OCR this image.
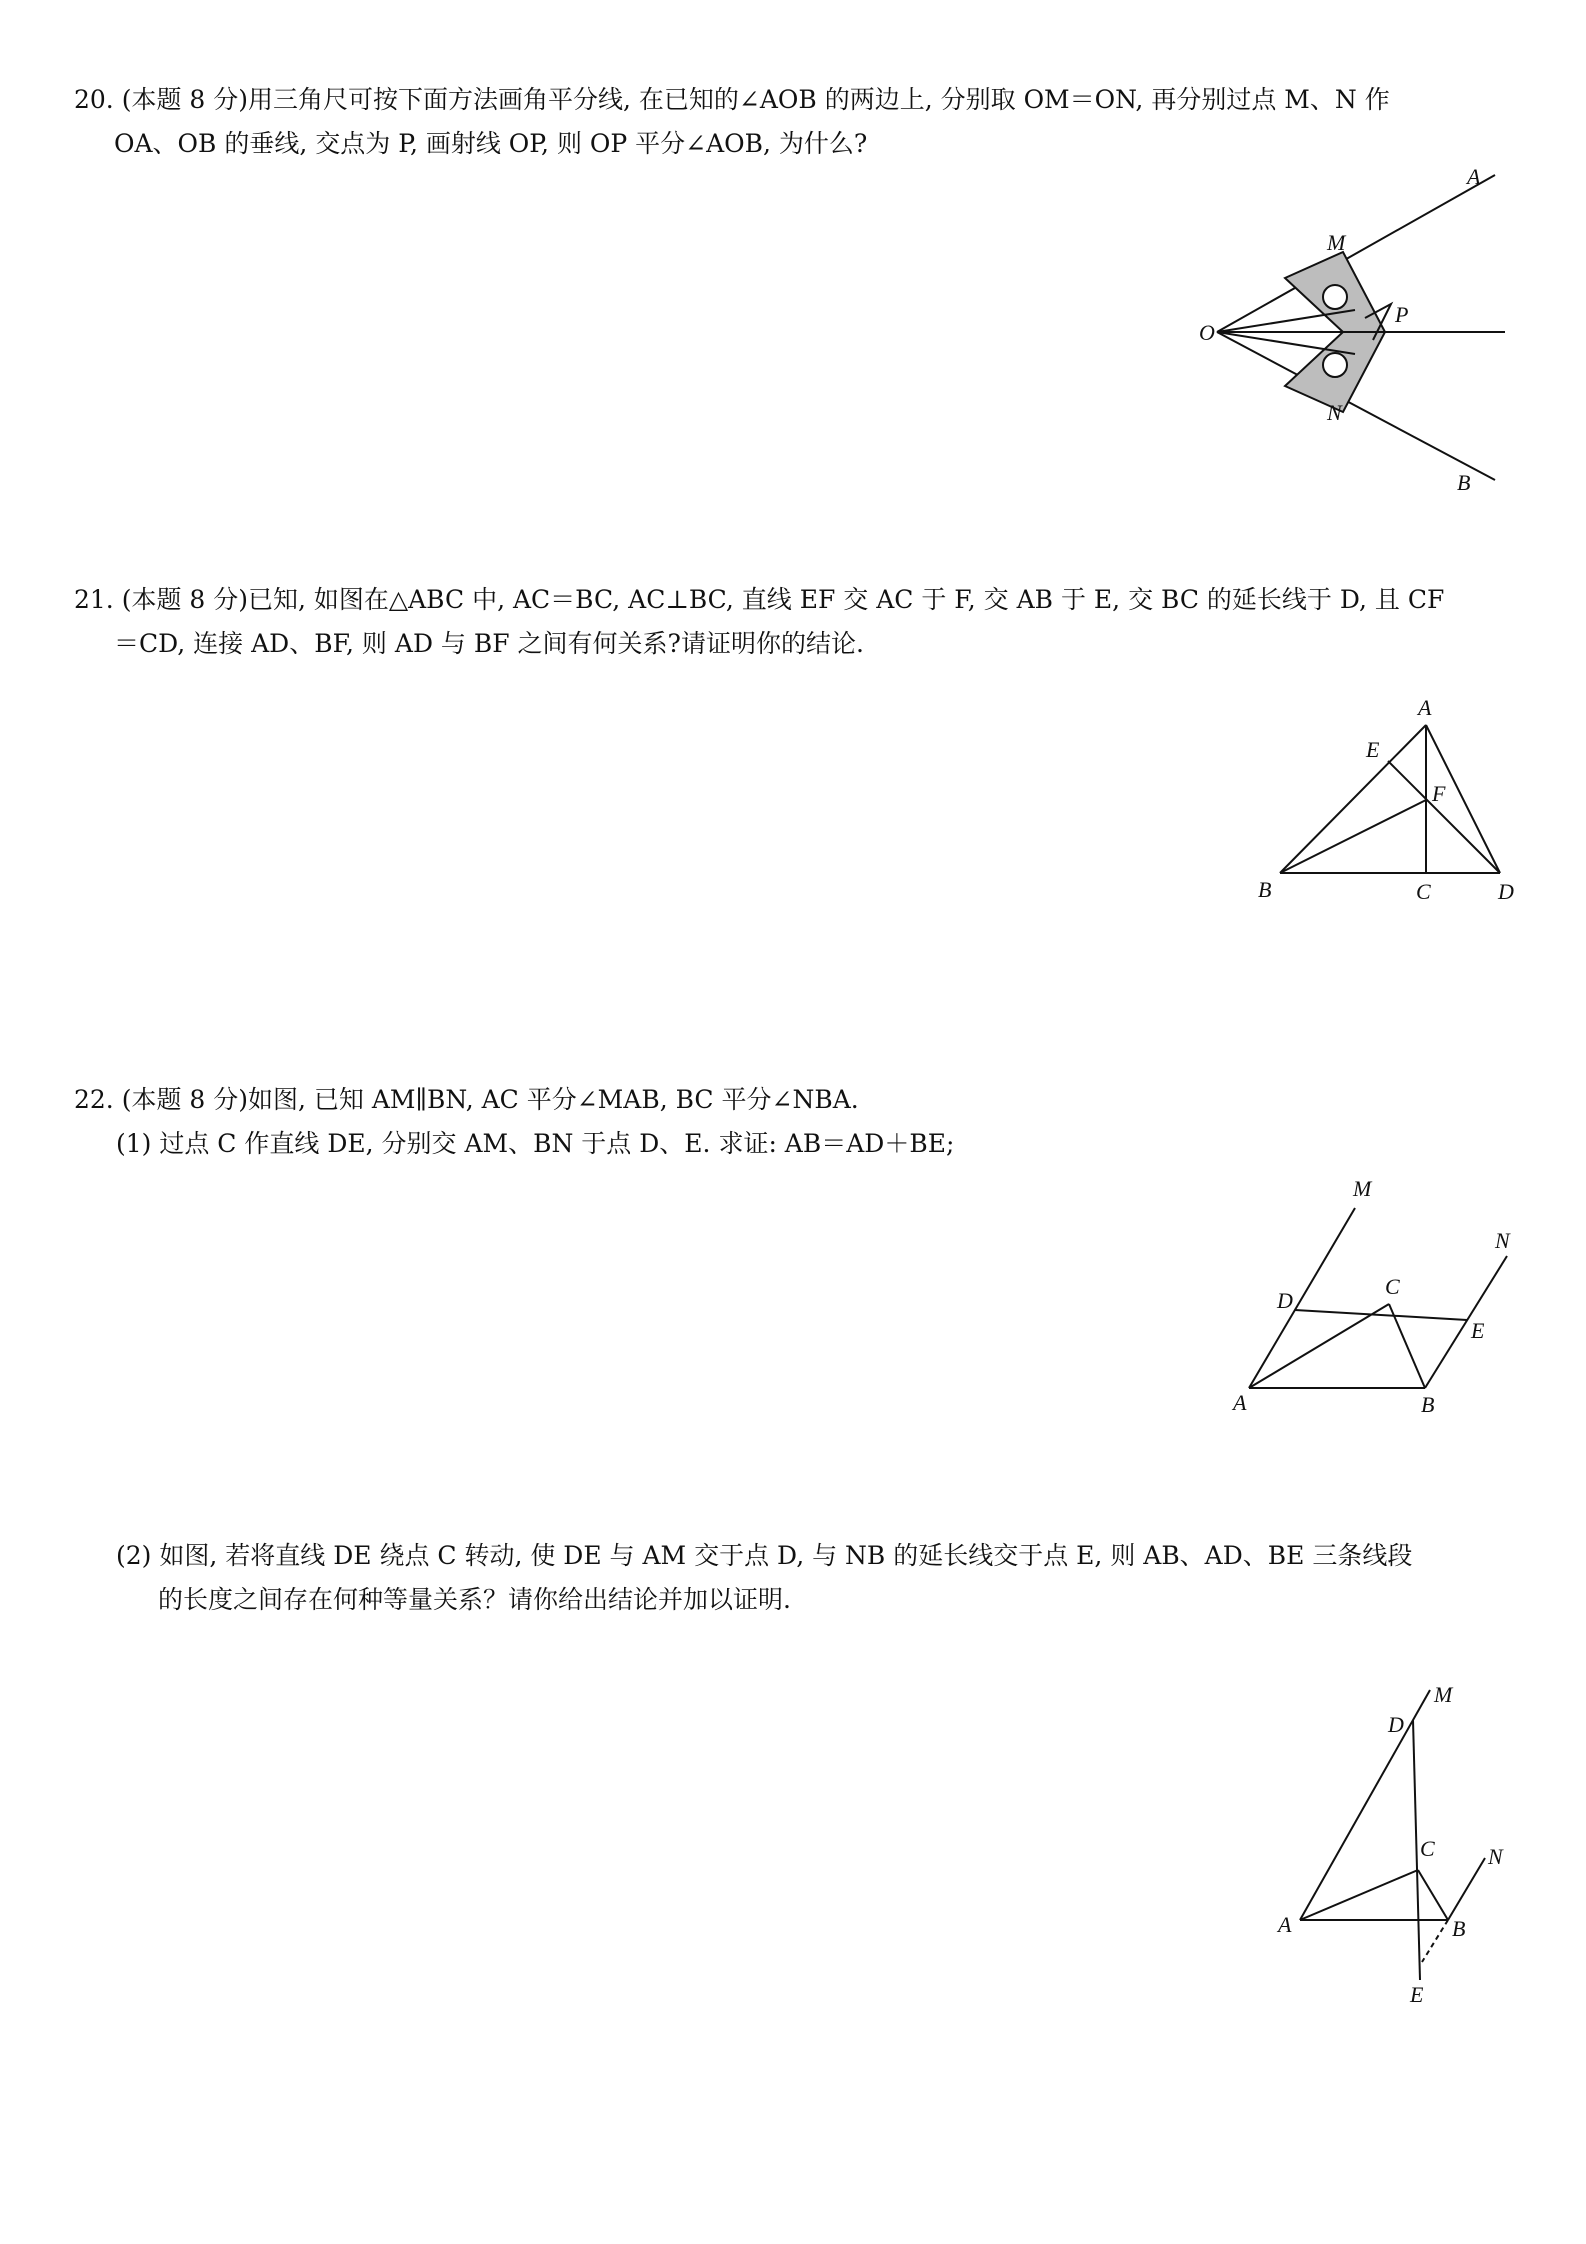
20. (本题 8 分)用三角尺可按下面方法画角平分线, 在已知的∠AOB 的两边上, 分别取 OM＝ON, 再分别过点 M、N 作

OA、OB 的垂线, 交点为 P, 画射线 OP, 则 OP 平分∠AOB, 为什么?

A
M
O
P
N
B

21. (本题 8 分)已知, 如图在△ABC 中, AC＝BC, AC⊥BC, 直线 EF 交 AC 于 F, 交 AB 于 E, 交 BC 的延长线于 D, 且 CF

＝CD, 连接 AD、BF, 则 AD 与 BF 之间有何关系?请证明你的结论.

A
E
F
B	C	D

22. (本题 8 分)如图, 已知 AM∥BN, AC 平分∠MAB, BC 平分∠NBA.

(1) 过点 C 作直线 DE, 分别交 AM、BN 于点 D、E. 求证: AB＝AD＋BE;

M
N
D
C
E
A	B

(2) 如图, 若将直线 DE 绕点 C 转动, 使 DE 与 AM 交于点 D, 与 NB 的延长线交于点 E, 则 AB、AD、BE 三条线段

的长度之间存在何种等量关系？请你给出结论并加以证明.

M
D
C N
A	B
E
